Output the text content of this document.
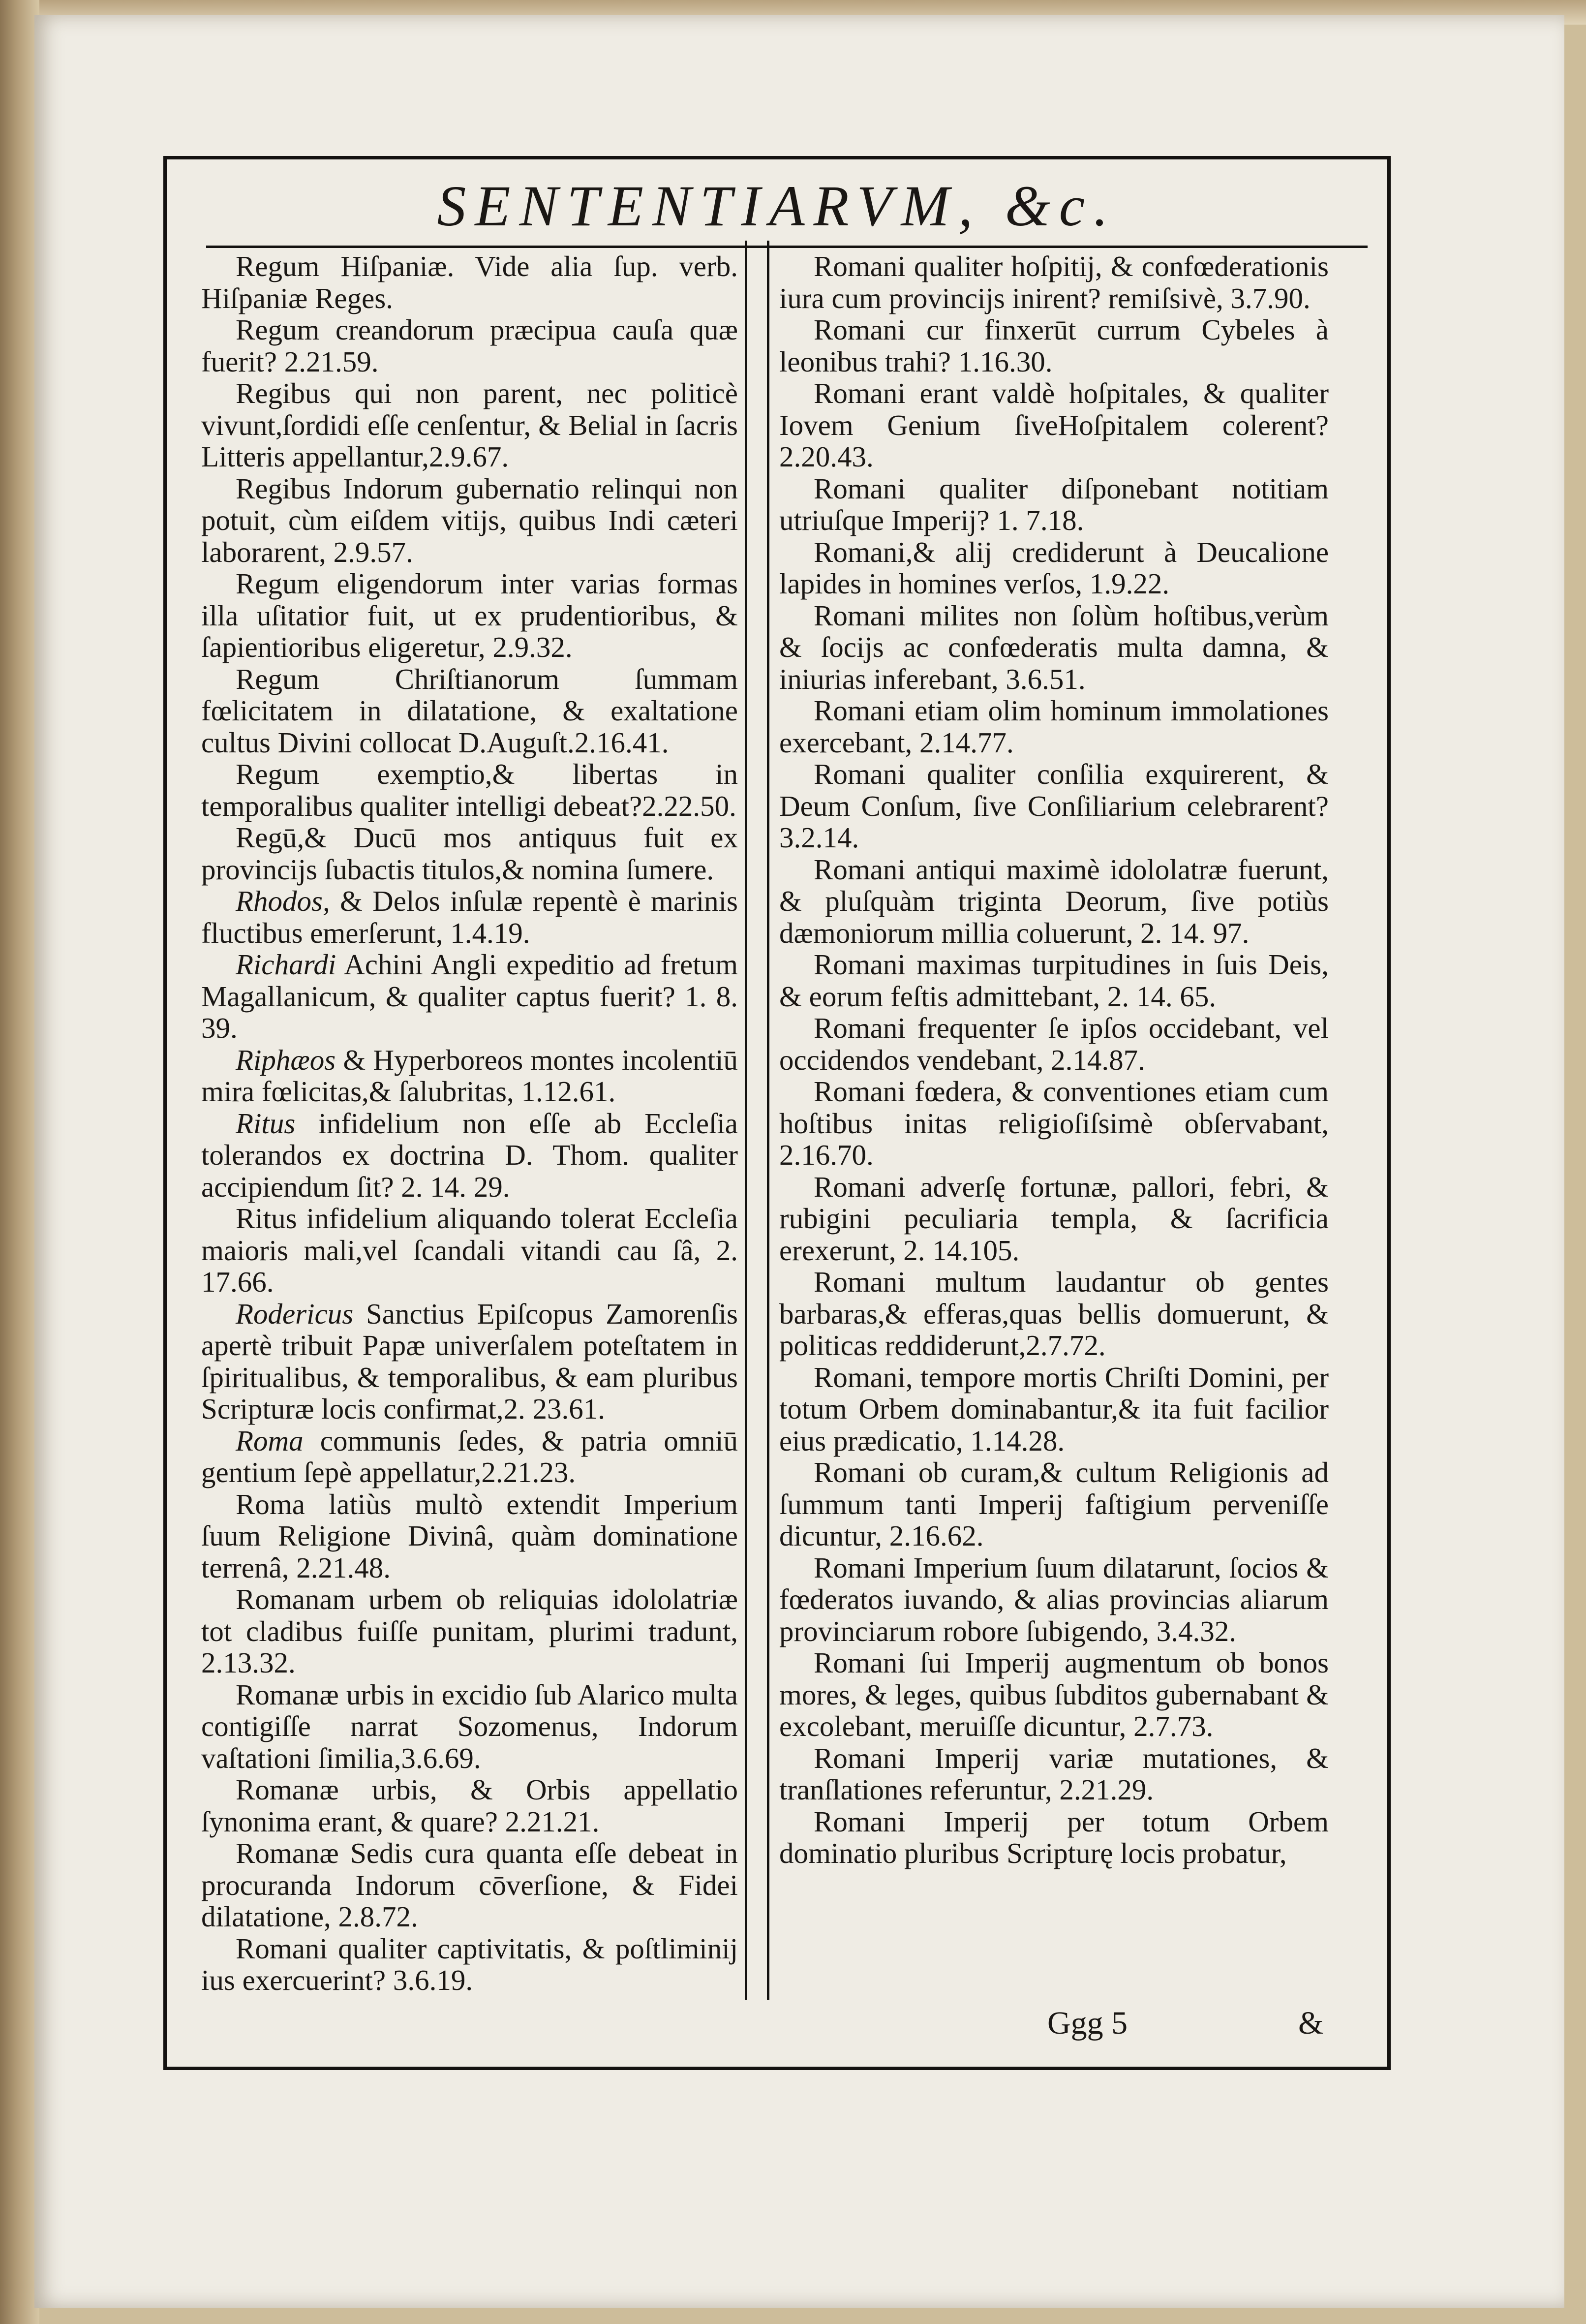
SENTENTIARVM, &c.

Regum Hiſpaniæ. Vide alia ſup. verb. Hiſpaniæ Reges.

Regum creandorum præcipua cauſa quæ fuerit? 2.21.59.

Regibus qui non parent, nec politicè vivunt,ſordidi eſſe cenſentur, & Belial in ſacris Litteris appellantur,2.9.67.

Regibus Indorum gubernatio relinqui non potuit, cùm eiſdem vitijs, quibus Indi cæteri laborarent, 2.9.57.

Regum eligendorum inter varias formas illa uſitatior fuit, ut ex prudentioribus, & ſapientioribus eligeretur, 2.9.32.

Regum Chriſtianorum ſummam fœlicitatem in dilatatione, & exaltatione cultus Divini collocat D.Auguſt.2.16.41.

Regum exemptio,& libertas in temporalibus qualiter intelligi debeat?2.22.50.

Regū,& Ducū mos antiquus fuit ex provincijs ſubactis titulos,& nomina ſumere.

Rhodos, & Delos inſulæ repentè è marinis fluctibus emerſerunt, 1.4.19.

Richardi Achini Angli expeditio ad fretum Magallanicum, & qualiter captus fuerit? 1. 8. 39.

Riphæos & Hyperboreos montes incolentiū mira fœlicitas,& ſalubritas, 1.12.61.

Ritus infidelium non eſſe ab Eccleſia tolerandos ex doctrina D. Thom. qualiter accipiendum ſit? 2. 14. 29.

Ritus infidelium aliquando tolerat Eccleſia maioris mali,vel ſcandali vitandi cau ſâ, 2. 17.66.

Rodericus Sanctius Epiſcopus Zamorenſis apertè tribuit Papæ univerſalem poteſtatem in ſpiritualibus, & temporalibus, & eam pluribus Scripturæ locis confirmat,2. 23.61.

Roma communis ſedes, & patria omniū gentium ſepè appellatur,2.21.23.

Roma latiùs multò extendit Imperium ſuum Religione Divinâ, quàm dominatione terrenâ, 2.21.48.

Romanam urbem ob reliquias idololatriæ tot cladibus fuiſſe punitam, plurimi tradunt, 2.13.32.

Romanæ urbis in excidio ſub Alarico multa contigiſſe narrat Sozomenus, Indorum vaſtationi ſimilia,3.6.69.

Romanæ urbis, & Orbis appellatio ſynonima erant, & quare? 2.21.21.

Romanæ Sedis cura quanta eſſe debeat in procuranda Indorum cōverſione, & Fidei dilatatione, 2.8.72.

Romani qualiter captivitatis, & poſtliminij ius exercuerint? 3.6.19.

Romani qualiter hoſpitij, & confœderationis iura cum provincijs inirent? remiſsivè, 3.7.90.

Romani cur finxerūt currum Cybeles à leonibus trahi? 1.16.30.

Romani erant valdè hoſpitales, & qualiter Iovem Genium ſiveHoſpitalem colerent? 2.20.43.

Romani qualiter diſponebant notitiam utriuſque Imperij? 1. 7.18.

Romani,& alij crediderunt à Deucalione lapides in homines verſos, 1.9.22.

Romani milites non ſolùm hoſtibus,verùm & ſocijs ac confœderatis multa damna, & iniurias inferebant, 3.6.51.

Romani etiam olim hominum immolationes exercebant, 2.14.77.

Romani qualiter conſilia exquirerent, & Deum Conſum, ſive Conſiliarium celebrarent? 3.2.14.

Romani antiqui maximè idololatræ fuerunt, & pluſquàm triginta Deorum, ſive potiùs dæmoniorum millia coluerunt, 2. 14. 97.

Romani maximas turpitudines in ſuis Deis, & eorum feſtis admittebant, 2. 14. 65.

Romani frequenter ſe ipſos occidebant, vel occidendos vendebant, 2.14.87.

Romani fœdera, & conventiones etiam cum hoſtibus initas religioſiſsimè obſervabant, 2.16.70.

Romani adverſę fortunæ, pallori, febri, & rubigini peculiaria templa, & ſacrificia erexerunt, 2. 14.105.

Romani multum laudantur ob gentes barbaras,& efferas,quas bellis domuerunt, & politicas reddiderunt,2.7.72.

Romani, tempore mortis Chriſti Domini, per totum Orbem dominabantur,& ita fuit facilior eius prædicatio, 1.14.28.

Romani ob curam,& cultum Religionis ad ſummum tanti Imperij faſtigium perveniſſe dicuntur, 2.16.62.

Romani Imperium ſuum dilatarunt, ſocios & fœderatos iuvando, & alias provincias aliarum provinciarum robore ſubigendo, 3.4.32.

Romani ſui Imperij augmentum ob bonos mores, & leges, quibus ſubditos gubernabant & excolebant, meruiſſe dicuntur, 2.7.73.

Romani Imperij variæ mutationes, & tranſlationes referuntur, 2.21.29.

Romani Imperij per totum Orbem dominatio pluribus Scripturę locis probatur,

Ggg 5	&
